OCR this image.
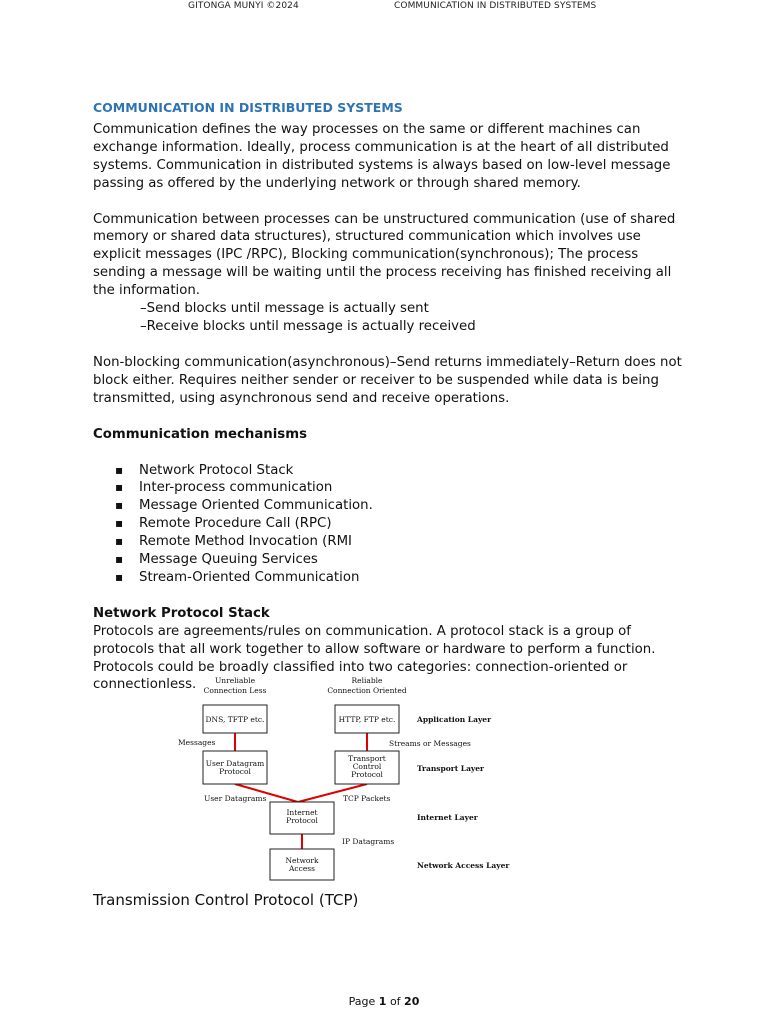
GITONGA MUNYI ©2024	COMMUNICATION IN DISTRIBUTED SYSTEMS

COMMUNICATION IN DISTRIBUTED SYSTEMS

Communication defines the way processes on the same or different machines can exchange information. Ideally, process communication is at the heart of all distributed systems. Communication in distributed systems is always based on low-level message passing as offered by the underlying network or through shared memory.

Communication between processes can be unstructured communication (use of shared memory or shared data structures), structured communication which involves use explicit messages (IPC /RPC), Blocking communication(synchronous); The process sending a message will be waiting until the process receiving has finished receiving all the information.

–Send blocks until message is actually sent

–Receive blocks until message is actually received

Non-blocking communication(asynchronous)–Send returns immediately–Return does not block either. Requires neither sender or receiver to be suspended while data is being transmitted, using asynchronous send and receive operations.

Communication mechanisms

▪ Network Protocol Stack
▪ Inter-process communication
▪ Message Oriented Communication.
▪ Remote Procedure Call (RPC)
▪ Remote Method Invocation (RMI
▪ Message Queuing Services
▪ Stream-Oriented Communication

Network Protocol Stack

Protocols are agreements/rules on communication. A protocol stack is a group of protocols that all work together to allow software or hardware to perform a function.

Protocols could be broadly classified into two categories: connection-oriented or connectionless.	Unreliable
Connection Less
Reliable
Connection Oriented
DNS, TFTP etc.	HTTP, FTP etc.
User Datagram
Protocol
Transport
Control
Protocol
Internet
Protocol
Network
Access
Messages	Streams or Messages
User Datagrams	TCP Packets
IP Datagrams
Application Layer
Transport Layer
Internet Layer
Network Access Layer
Transmission Control Protocol (TCP)
Page 1 of 20
